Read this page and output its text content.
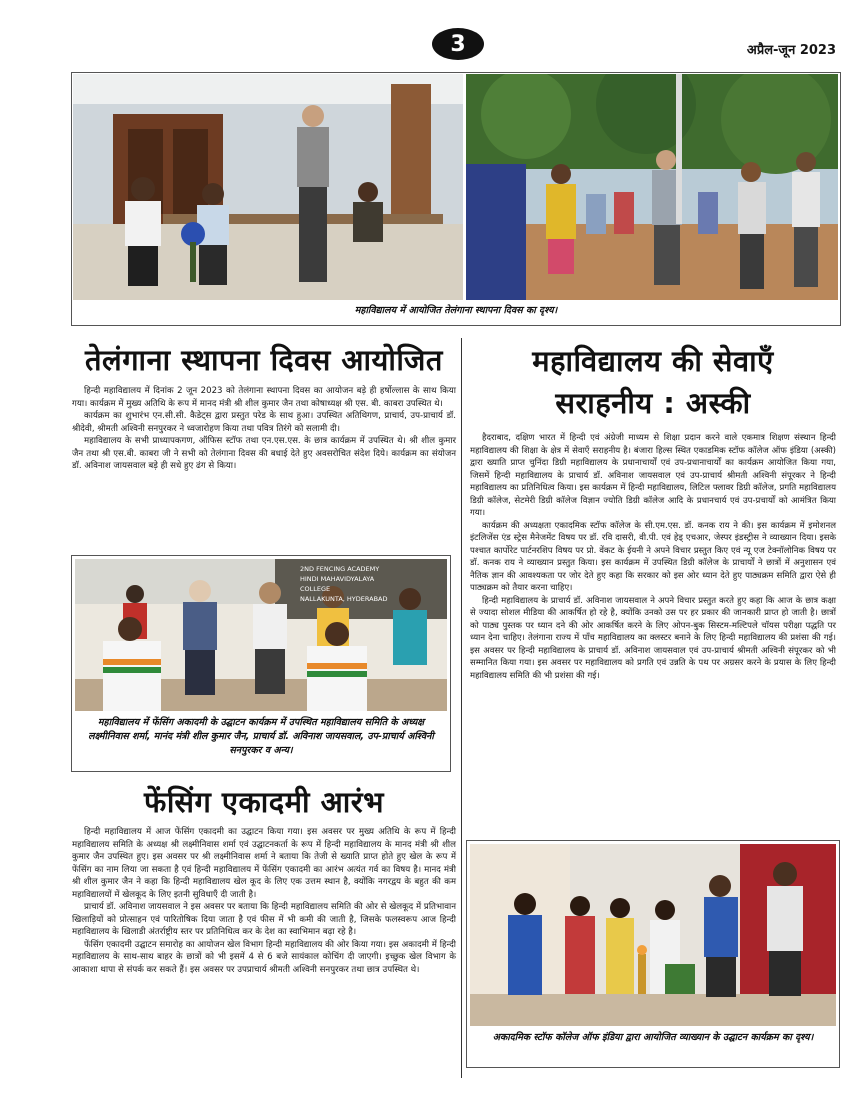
3	अप्रैल-जून 2023
महाविद्यालय में आयोजित तेलंगाना स्थापना दिवस का दृश्य।
तेलंगाना स्थापना दिवस आयोजित

हिन्दी महाविद्यालय में दिनांक 2 जून 2023 को तेलंगाना स्थापना दिवस का आयोजन बड़े ही हर्षोल्लास के साथ किया गया। कार्यक्रम में मुख्य अतिथि के रूप में मानद मंत्री श्री शील कुमार जैन तथा कोषाध्यक्ष श्री एस. बी. काबरा उपस्थित थे।

कार्यक्रम का शुभारंभ एन.सी.सी. कैडेट्स द्वारा प्रस्तुत परेड के साथ हुआ। उपस्थित अतिथिगण, प्राचार्य, उप-प्राचार्य डॉ. श्रीदेवी, श्रीमती अश्विनी सनपुरकर ने ध्वजारोहण किया तथा पवित्र तिरंगे को सलामी दी।

महाविद्यालय के सभी प्राध्यापकगण, ऑफिस स्टॉफ तथा एन.एस.एस. के छात्र कार्यक्रम में उपस्थित थे। श्री शील कुमार जैन तथा श्री एस.बी. काबरा जी ने सभी को तेलंगाना दिवस की बधाई देते हुए अवसरोचित संदेश दिये। कार्यक्रम का संयोजन डॉ. अविनाश जायसवाल बड़े ही सधे हुए ढंग से किया।

2ND FENCING ACADEMY
HINDI MAHAVIDYALAYA
COLLEGE
NALLAKUNTA, HYDERABAD
महाविद्यालय में फेंसिंग अकादमी के उद्घाटन कार्यक्रम में उपस्थित महाविद्यालय समिति के अध्यक्ष लक्ष्मीनिवास शर्मा, मानंद मंत्री शील कुमार जैन, प्राचार्य डॉ. अविनाश जायसवाल, उप-प्राचार्य अश्विनी सनपुरकर व अन्य।
फेंसिंग एकादमी आरंभ

हिन्दी महाविद्यालय में आज फेंसिंग एकादमी का उद्घाटन किया गया। इस अवसर पर मुख्य अतिथि के रूप में हिन्दी महाविद्यालय समिति के अध्यक्ष श्री लक्ष्मीनिवास शर्मा एवं उद्घाटनकर्ता के रूप में हिन्दी महाविद्यालय के मानद मंत्री श्री शील कुमार जैन उपस्थित हुए। इस अवसर पर श्री लक्ष्मीनिवास शर्मा ने बताया कि तेजी से ख्याति प्राप्त होते हुए खेल के रूप में फेंसिंग का नाम लिया जा सकता है एवं हिन्दी महाविद्यालय में फेंसिंग एकादमी का आरंभ अत्यंत गर्व का विषय है। मानद मंत्री श्री शील कुमार जैन ने कहा कि हिन्दी महाविद्यालय खेल कूद के लिए एक उत्तम स्थान है, क्योंकि नगरद्वय के बहुत की कम महाविद्यालयों में खेलकूद के लिए इतनी सुविधाएँ दी जाती है।

प्राचार्य डॉ. अविनाश जायसवाल ने इस अवसर पर बताया कि हिन्दी महाविद्यालय समिति की ओर से खेलकूद में प्रतिभावान खिलाड़ियों को प्रोत्साहन एवं पारितोषिक दिया जाता है एवं फीस में भी कमी की जाती है, जिसके फलस्वरूप आज हिन्दी महाविद्यालय के खिलाडी अंतर्राष्ट्रीय स्तर पर प्रतिनिधित्व कर के देश का स्वाभिमान बढ़ा रहे है।

फेंसिंग एकादमी उद्घाटन समारोह का आयोजन खेल विभाग हिन्दी महाविद्यालय की ओर किया गया। इस अकादमी में हिन्दी महाविद्यालय के साथ-साथ बाहर के छात्रों को भी इसमें 4 से 6 बजे सायंकाल कोचिंग दी जाएगी। इच्छुक खेल विभाग के आकाशा थापा से संपर्क कर सकते हैं। इस अवसर पर उपप्राचार्य श्रीमती अश्विनी सनपुरकर तथा छात्र उपस्थित थे।

महाविद्यालय की सेवाएँ
सराहनीय : अस्की

हैदराबाद, दक्षिण भारत में हिन्दी एवं अंग्रेजी माध्यम से शिक्षा प्रदान करने वाले एकमात्र शिक्षण संस्थान हिन्दी महाविद्यालय की शिक्षा के क्षेत्र में सेवाएँ सराहनीय है। बंजारा हिल्स स्थित एकाडमिक स्टॉफ कॉलेज ऑफ इंडिया (अस्की) द्वारा ख्याति प्राप्त चुनिंदा डिग्री महाविद्यालय के प्रधानाचार्यों एवं उप-प्रधानाचार्यों का कार्यक्रम आयोजित किया गया, जिसमें हिन्दी महाविद्यालय के प्राचार्य डॉ. अविनाश जायसवाल एवं उप-प्राचार्य श्रीमती अश्विनी संपूरकर ने हिन्दी महाविद्यालय का प्रतिनिधित्व किया। इस कार्यक्रम में हिन्दी महाविद्यालय, लिटिल फ्लावर डिग्री कॉलेज, प्रगति महाविद्यालय डिग्री कॉलेज, सेटमेरी डिग्री कॉलेज विज्ञान ज्योति डिग्री कॉलेज आदि के प्रधानचार्य एवं उप-प्रचार्यों को आमंत्रित किया गया।

कार्यक्रम की अध्यक्षता एकादमिक स्टॉफ कॉलेज के सी.एम.एस. डॉ. कनक राय ने की। इस कार्यक्रम में इमोशनल इंटलिजेंस एंड स्ट्रेस मैनेजमेंट विषय पर डॉ. रवि दासरी, वी.पी. एवं हेड् एचआर, जेस्पर इंडस्ट्रीस ने व्याख्यान दिया। इसके पश्चात कार्पोरेट पार्टनरशिप विषय पर प्रो. वेंकट के ईयनी ने अपने विचार प्रस्तुत किए एवं न्यू एज टेक्नॉलोनिक विषय पर डॉ. कनक राय ने व्याख्यान प्रस्तुत किया। इस कार्यक्रम में उपस्थित डिग्री कॉलेज के प्राचार्यों ने छात्रों में अनुशासन एवं नैतिक ज्ञान की आवश्यकता पर जोर देते हुए कहा कि सरकार को इस ओर ध्यान देते हुए पाठ्यक्रम समिति द्वारा ऐसे ही पाठ्यक्रम को तैयार करना चाहिए।

हिन्दी महाविद्यालय के प्राचार्य डॉ. अविनाश जायसवाल ने अपने विचार प्रस्तुत करते हुए कहा कि आज के छात्र कक्षा से ज्यादा सोशल मीडिया की आकर्षित हो रहे है, क्योंकि उनको उस पर हर प्रकार की जानकारी प्राप्त हो जाती है। छात्रों को पाठ्य पुस्तक पर ध्यान दने की ओर आकर्षित करने के लिए ओपन-बुक सिस्टम-मल्टिपले चॉयस परीक्षा पद्धति पर ध्यान देना चाहिए। तेलंगाना राज्य में पाँच महाविद्यालय का क्लस्टर बनाने के लिए हिन्दी महाविद्यालय की प्रशंसा की गई। इस अवसर पर हिन्दी महाविद्यालय के प्राचार्य डॉ. अविनाश जायसवाल एवं उप-प्राचार्य श्रीमती अश्विनी संपूरकर को भी सम्मानित किया गया। इस अवसर पर महाविद्यालय को प्रगति एवं उन्नति के पथ पर अग्रसर करने के प्रयास के लिए हिन्दी महाविद्यालय समिति की भी प्रशंसा की गई।

अकादमिक स्टॉफ कॉलेज ऑफ इंडिया द्वारा आयोजित व्याख्यान के उद्घाटन कार्यक्रम का दृश्य।
